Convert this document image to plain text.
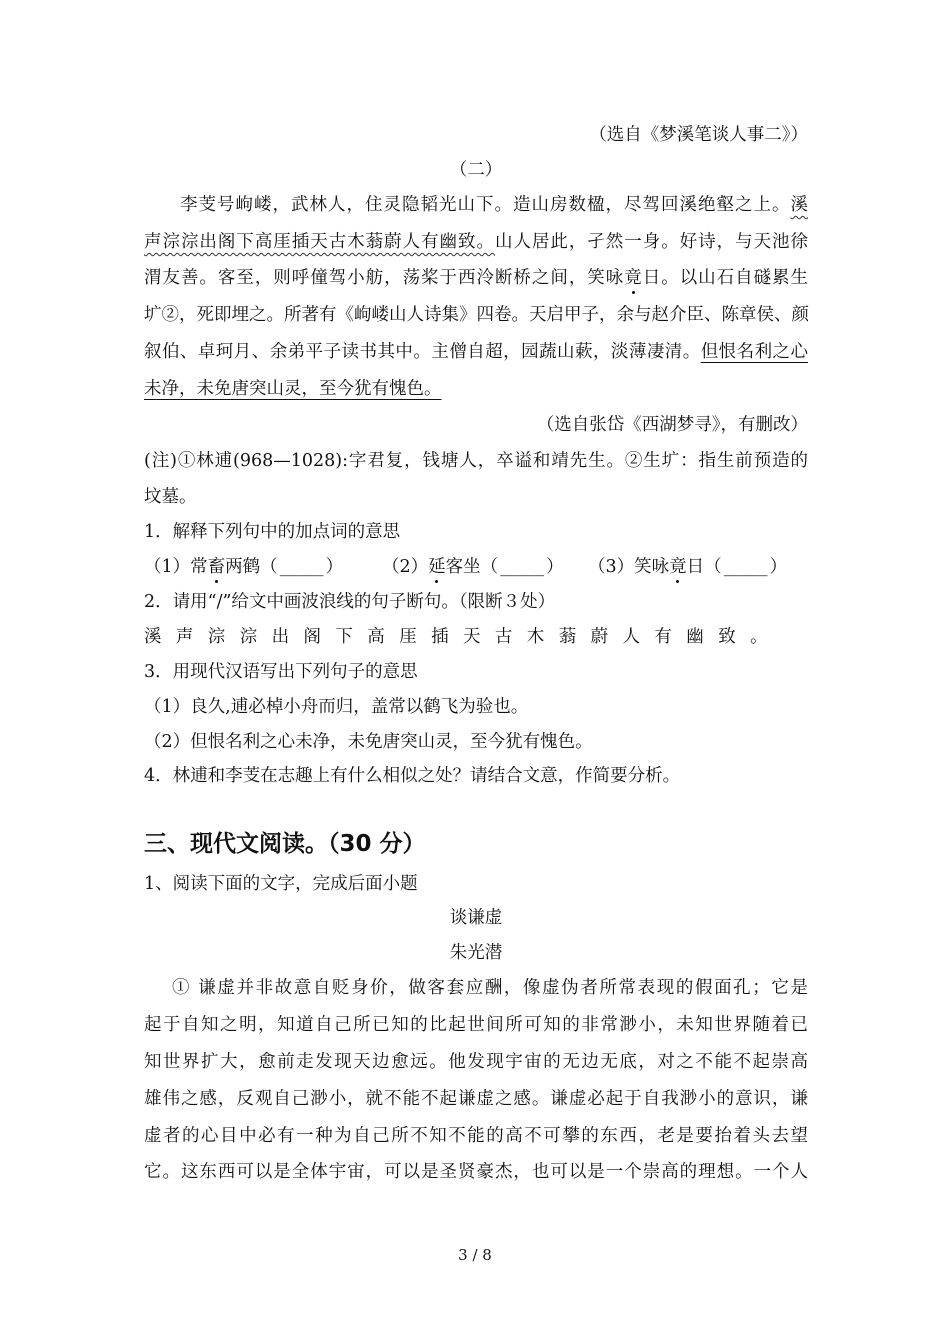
（选自《梦溪笔谈人事二》）
（二）
李芰号岣嵝，武林人，住灵隐韬光山下。造山房数楹，尽驾回溪绝壑之上。溪
声淙淙出阁下高厓插天古木蓊蔚人有幽致。山人居此，孑然一身。好诗，与天池徐
渭友善。客至，则呼僮驾小舫，荡桨于西泠断桥之间，笑咏竟日。以山石自礈累生
圹②，死即埋之。所著有《岣嵝山人诗集》四卷。天启甲子，余与赵介臣、陈章侯、颜
叙伯、卓珂月、余弟平子读书其中。主僧自超，园蔬山蔌，淡薄凄清。但恨名利之心
未净，未免唐突山灵，至今犹有愧色。
（选自张岱《西湖梦寻》，有删改）
(注)①林逋(968—1028):字君复，钱塘人，卒谥和靖先生。②生圹：指生前预造的
坟墓。
1．解释下列句中的加点词的意思
（1）常畜两鹤（ _____ ） （2）延客坐（ _____ ） （3）笑咏竟日（ _____ ）
2．请用“/”给文中画波浪线的句子断句。（限断３处）
溪声淙淙出阁下高厓插天古木蓊蔚人有幽致。
3．用现代汉语写出下列句子的意思
（1）良久,逋必棹小舟而归，盖常以鹤飞为验也。
（2）但恨名利之心未净，未免唐突山灵，至今犹有愧色。
4．林逋和李芰在志趣上有什么相似之处？请结合文意，作简要分析。
三、现代文阅读。（30 分）
1、阅读下面的文字，完成后面小题
谈谦虚
朱光潜
① 谦虚并非故意自贬身价，做客套应酬，像虚伪者所常表现的假面孔；它是
起于自知之明，知道自己所已知的比起世间所可知的非常渺小，未知世界随着已
知世界扩大，愈前走发现天边愈远。他发现宇宙的无边无底，对之不能不起崇高
雄伟之感，反观自己渺小，就不能不起谦虚之感。谦虚必起于自我渺小的意识，谦
虚者的心目中必有一种为自己所不知不能的高不可攀的东西，老是要抬着头去望
它。这东西可以是全体宇宙，可以是圣贤豪杰，也可以是一个崇高的理想。一个人
3 / 8
